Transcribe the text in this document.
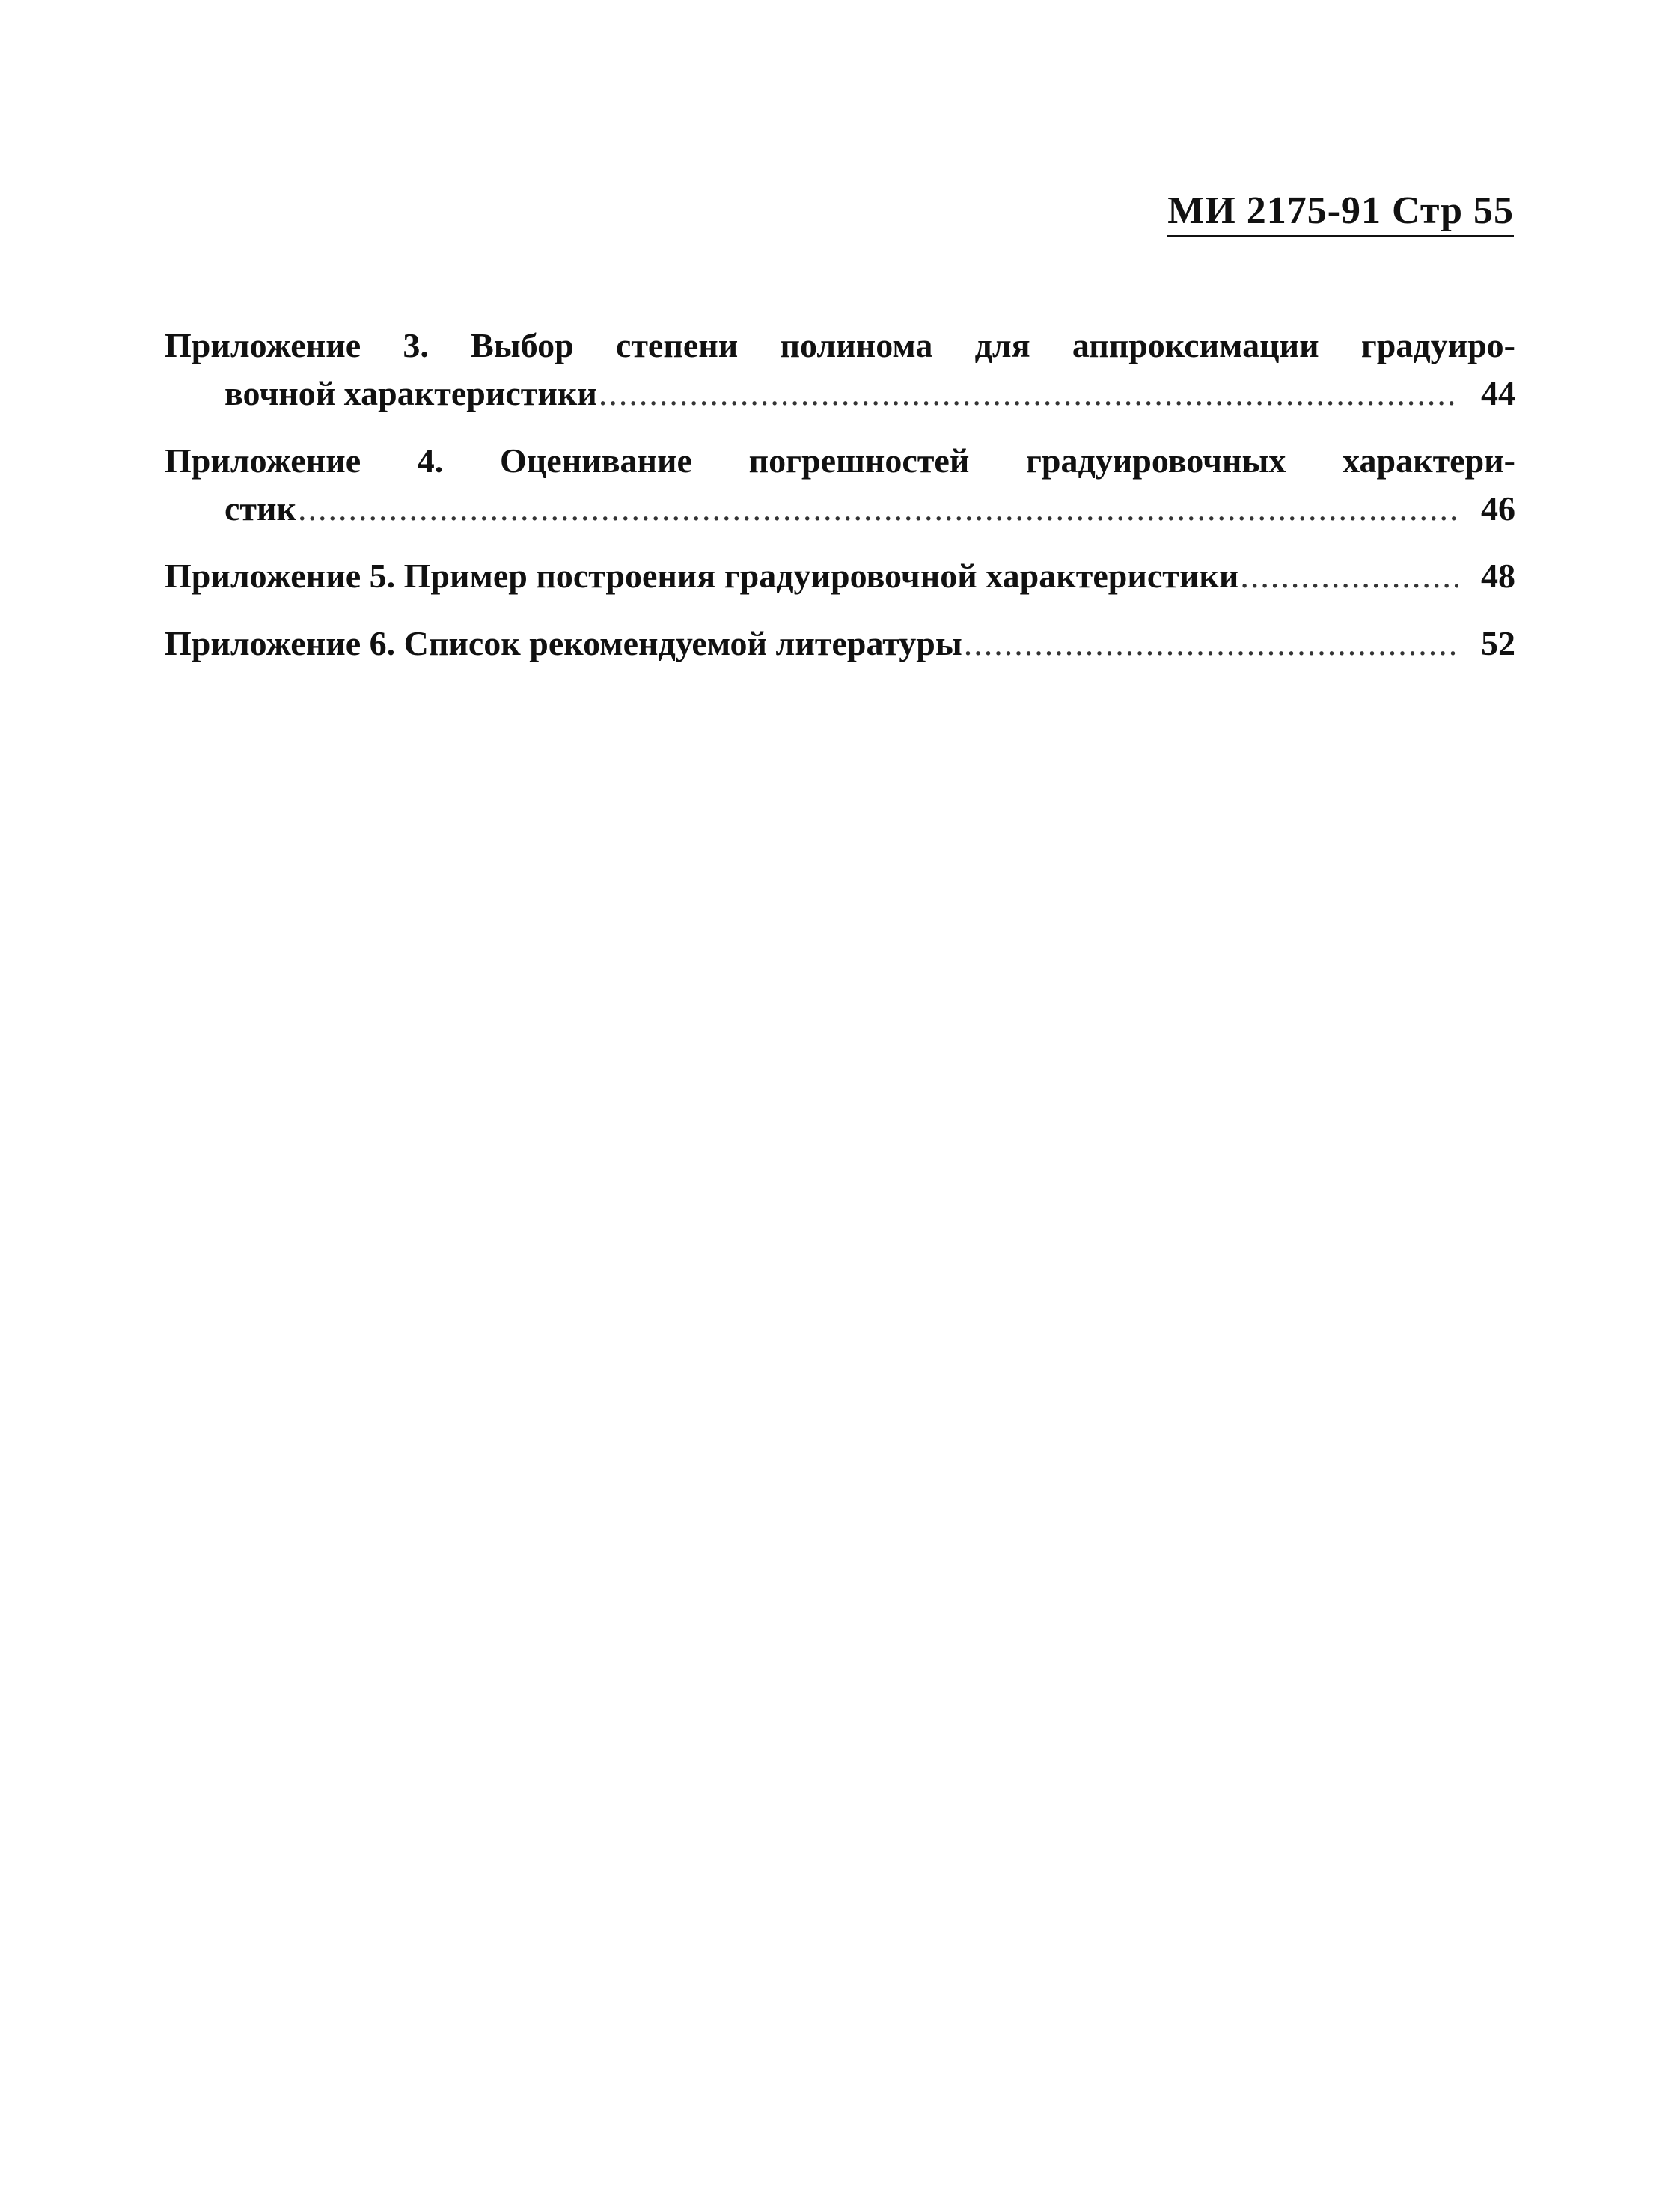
МИ 2175-91 Стр 55
Приложение 3. Выбор степени полинома для аппроксимации градуиро-
вочной характеристики .....	44
Приложение 4. Оценивание погрешностей градуировочных характери-
стик .....	46
Приложение 5. Пример построения градуировочной характеристики .....	48
Приложение 6. Список рекомендуемой литературы .....	52
